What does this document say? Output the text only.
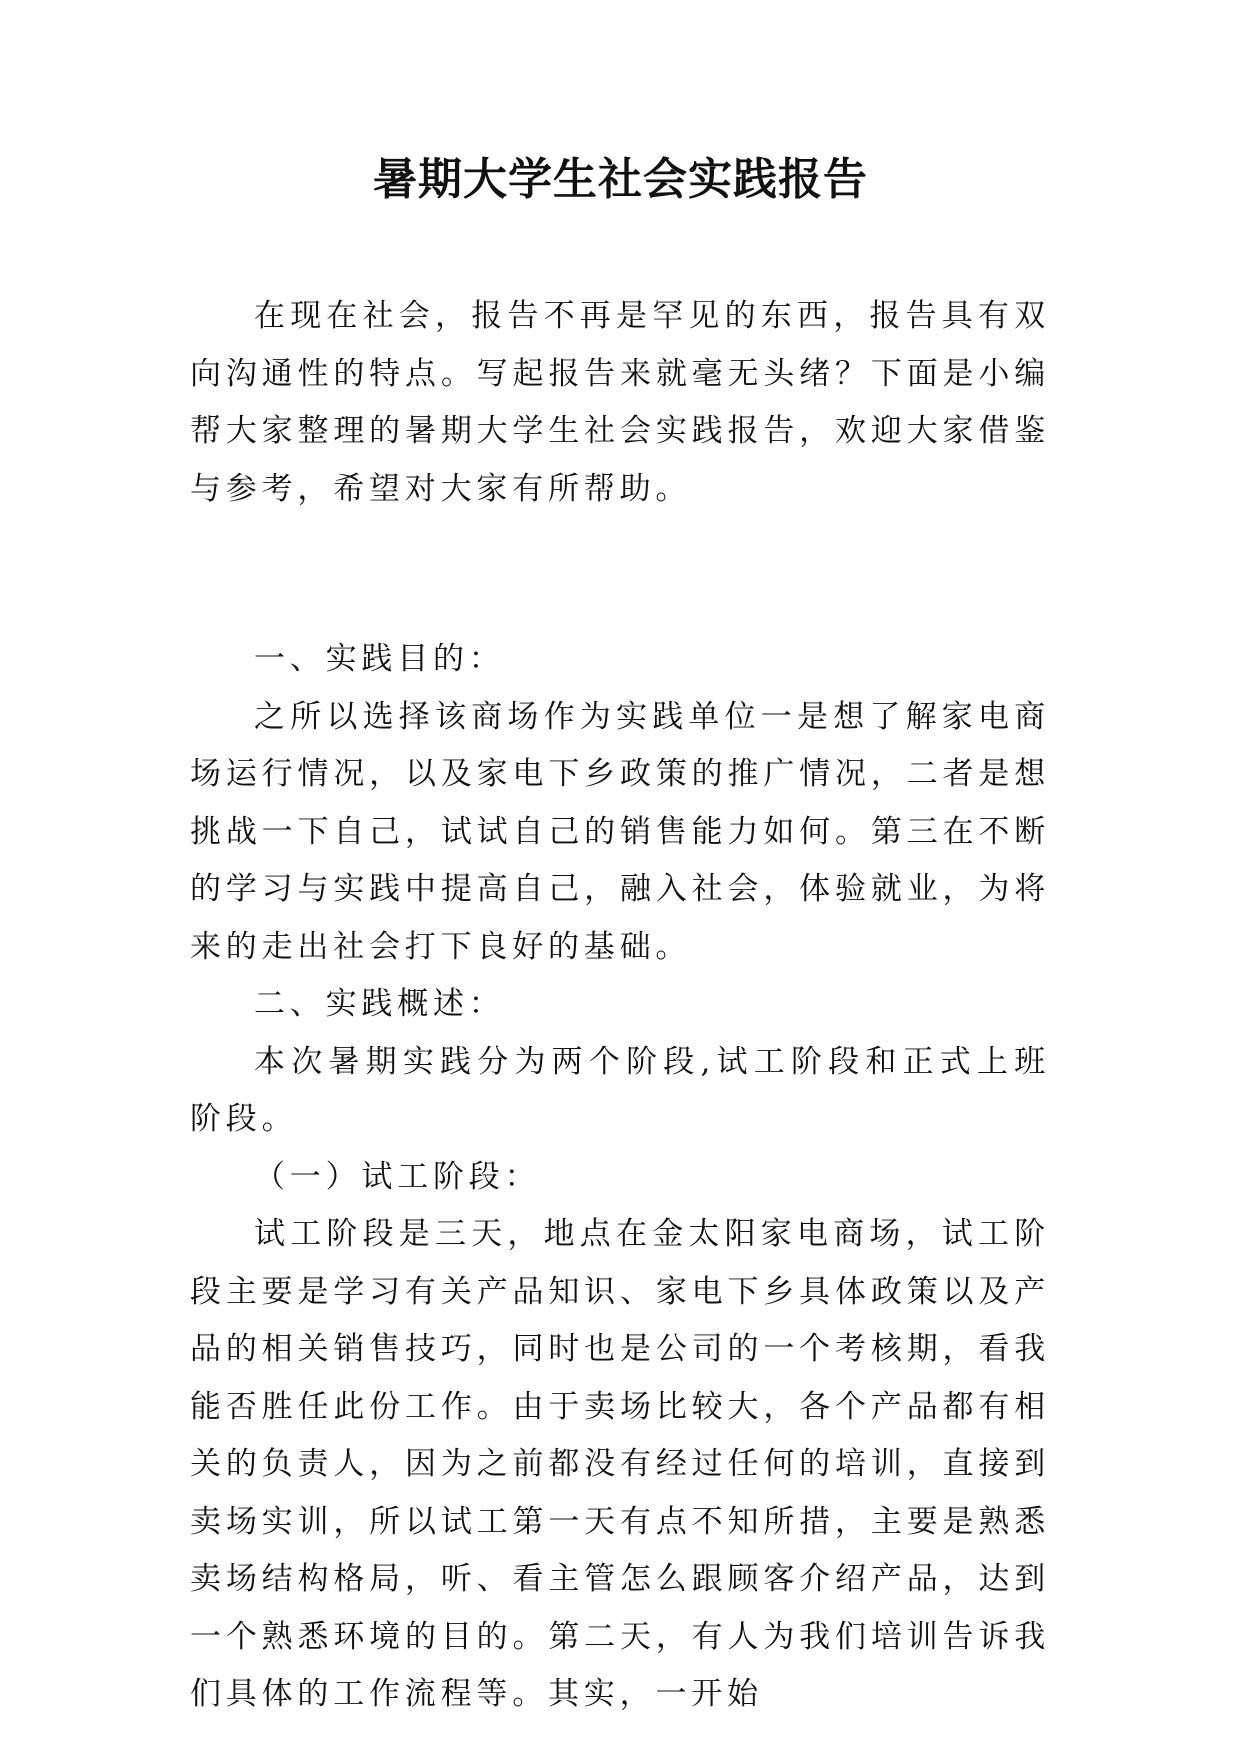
暑期大学生社会实践报告

在现在社会，报告不再是罕见的东西，报告具有双向沟通性的特点。写起报告来就毫无头绪？下面是小编帮大家整理的暑期大学生社会实践报告，欢迎大家借鉴与参考，希望对大家有所帮助。

一、实践目的：

之所以选择该商场作为实践单位一是想了解家电商场运行情况，以及家电下乡政策的推广情况，二者是想挑战一下自己，试试自己的销售能力如何。第三在不断的学习与实践中提高自己，融入社会，体验就业，为将来的走出社会打下良好的基础。

二、实践概述：

本次暑期实践分为两个阶段,试工阶段和正式上班阶段。

（一）试工阶段：

试工阶段是三天，地点在金太阳家电商场，试工阶段主要是学习有关产品知识、家电下乡具体政策以及产品的相关销售技巧，同时也是公司的一个考核期，看我能否胜任此份工作。由于卖场比较大，各个产品都有相关的负责人，因为之前都没有经过任何的培训，直接到卖场实训，所以试工第一天有点不知所措，主要是熟悉卖场结构格局，听、看主管怎么跟顾客介绍产品，达到一个熟悉环境的目的。第二天，有人为我们培训告诉我们具体的工作流程等。其实，一开始
